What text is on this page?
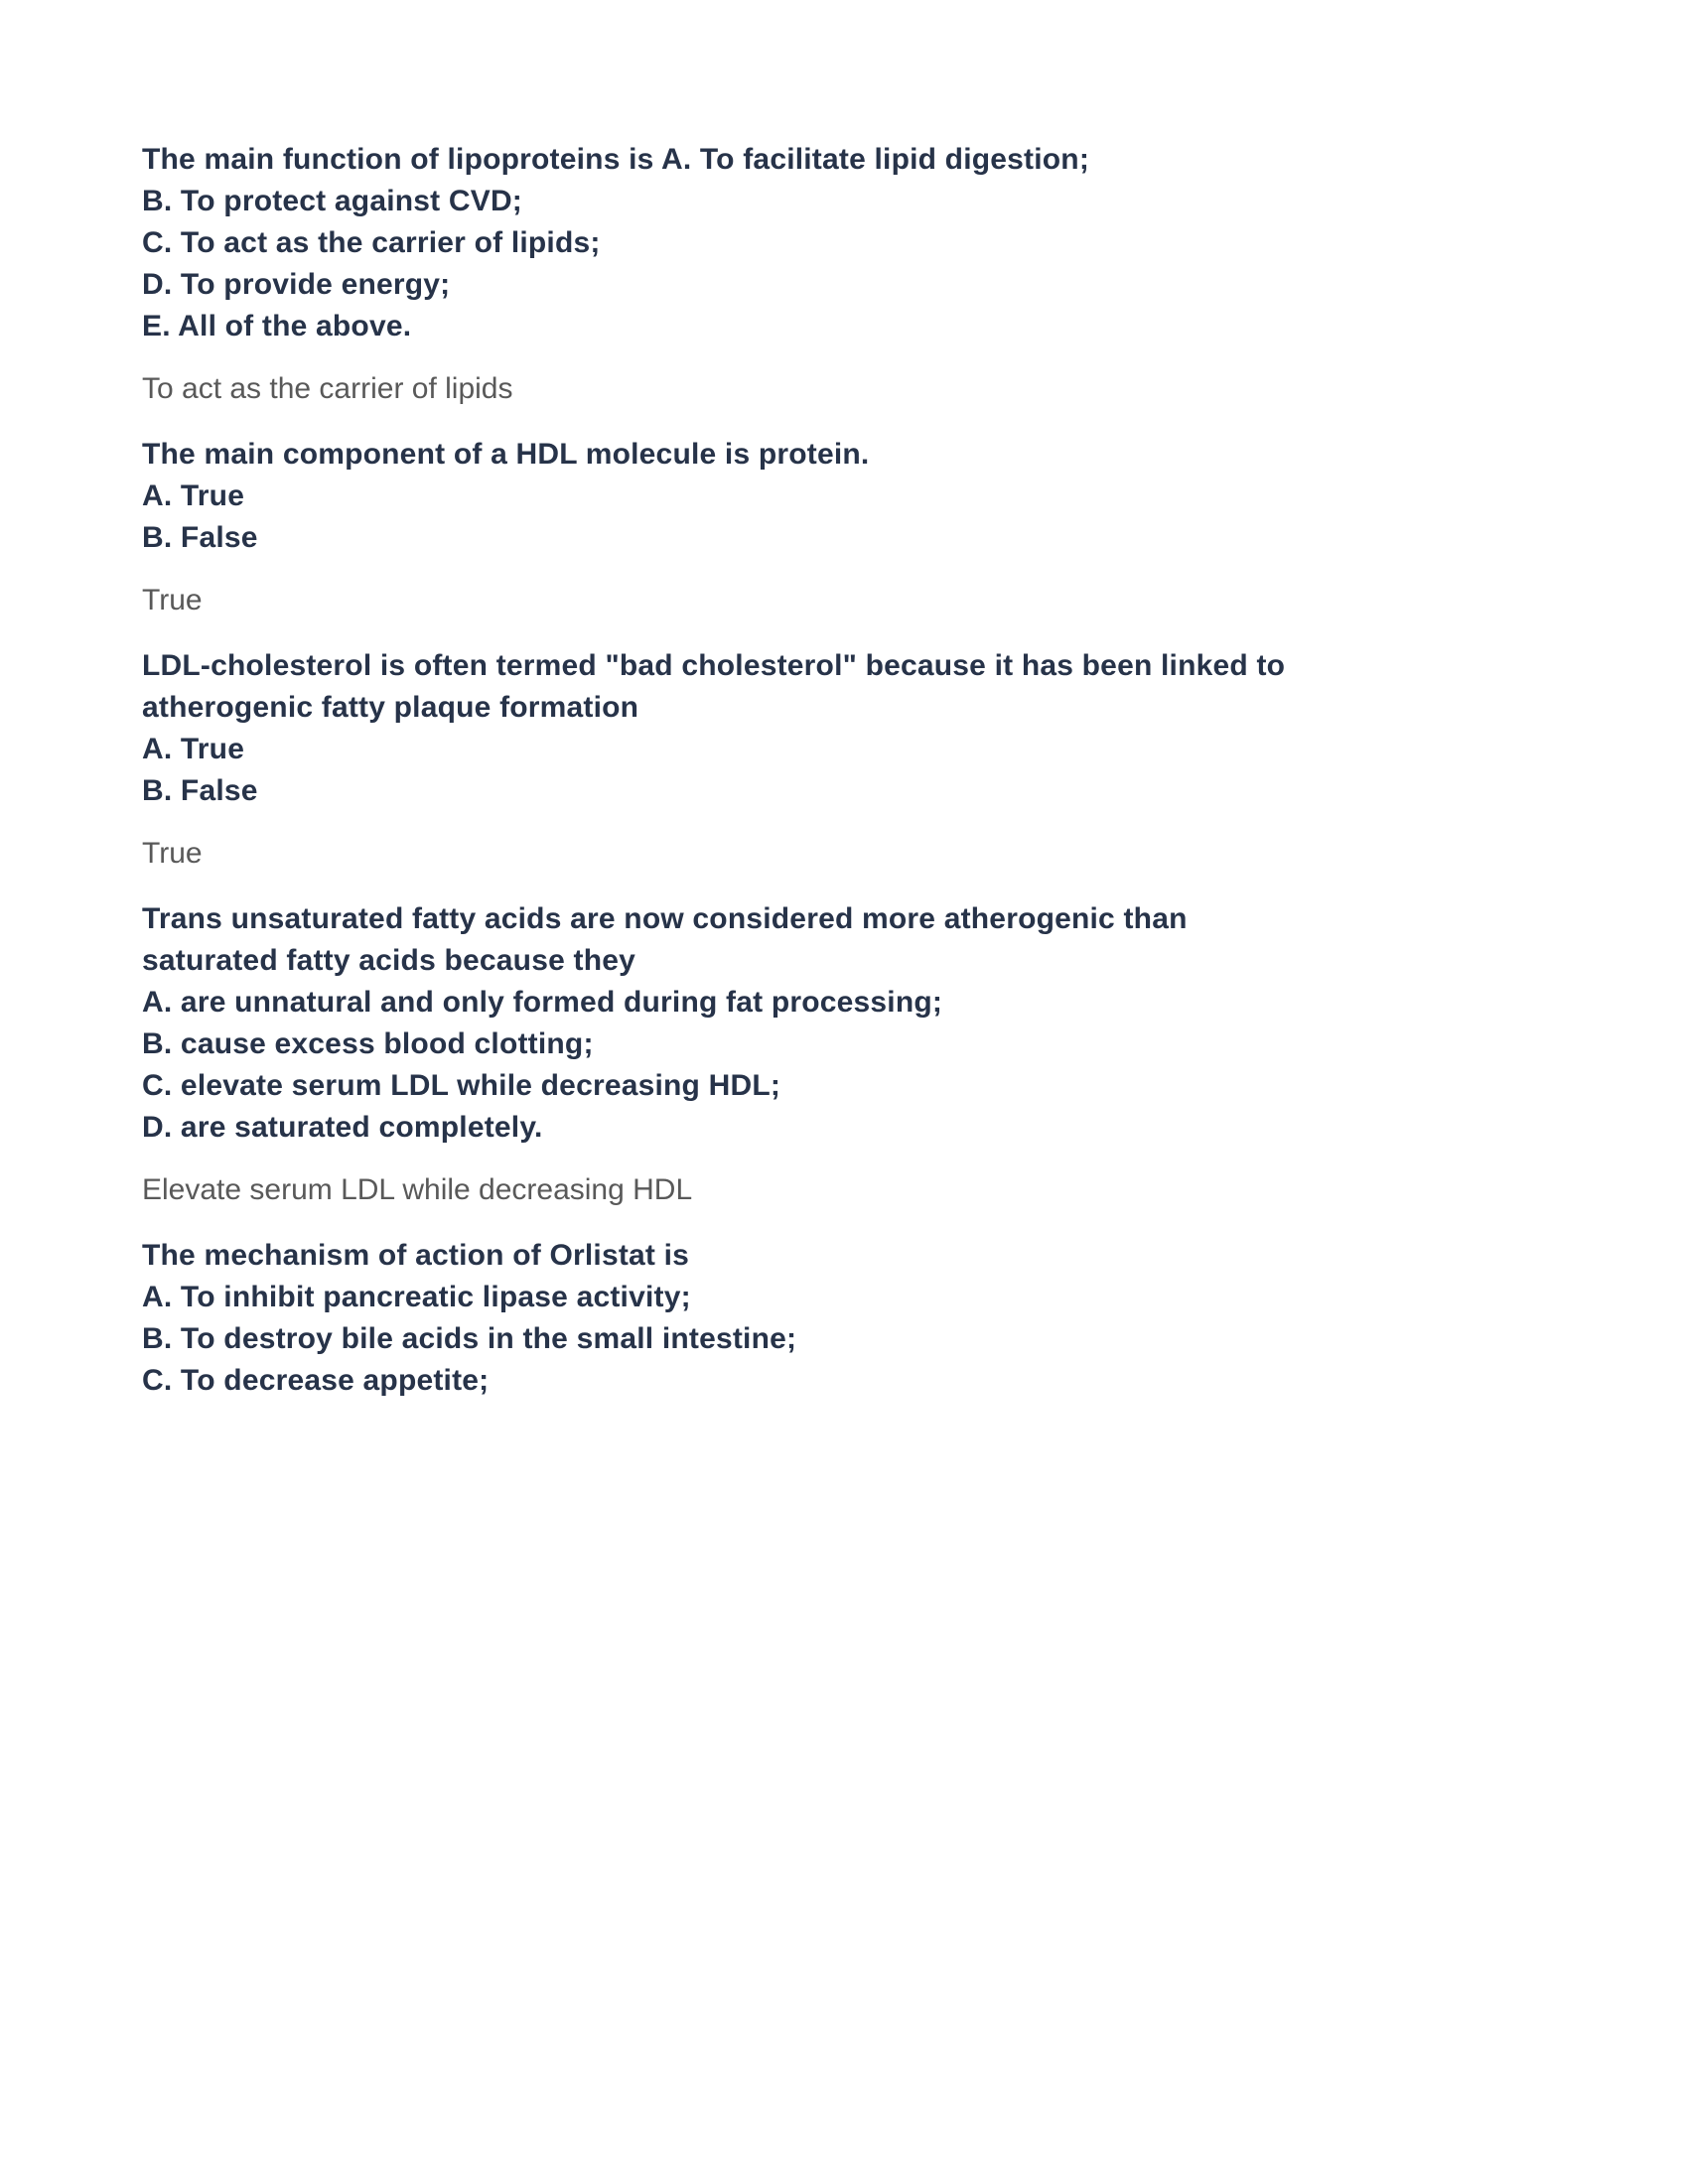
The main function of lipoproteins is A. To facilitate lipid digestion;

B. To protect against CVD;

C. To act as the carrier of lipids;

D. To provide energy;

E. All of the above.

To act as the carrier of lipids

The main component of a HDL molecule is protein.

A. True

B. False

True

LDL-cholesterol is often termed "bad cholesterol" because it has been linked to

atherogenic fatty plaque formation

A. True

B. False

True

Trans unsaturated fatty acids are now considered more atherogenic than

saturated fatty acids because they

A. are unnatural and only formed during fat processing;

B. cause excess blood clotting;

C. elevate serum LDL while decreasing HDL;

D. are saturated completely.

Elevate serum LDL while decreasing HDL

The mechanism of action of Orlistat is

A. To inhibit pancreatic lipase activity;

B. To destroy bile acids in the small intestine;

C. To decrease appetite;
